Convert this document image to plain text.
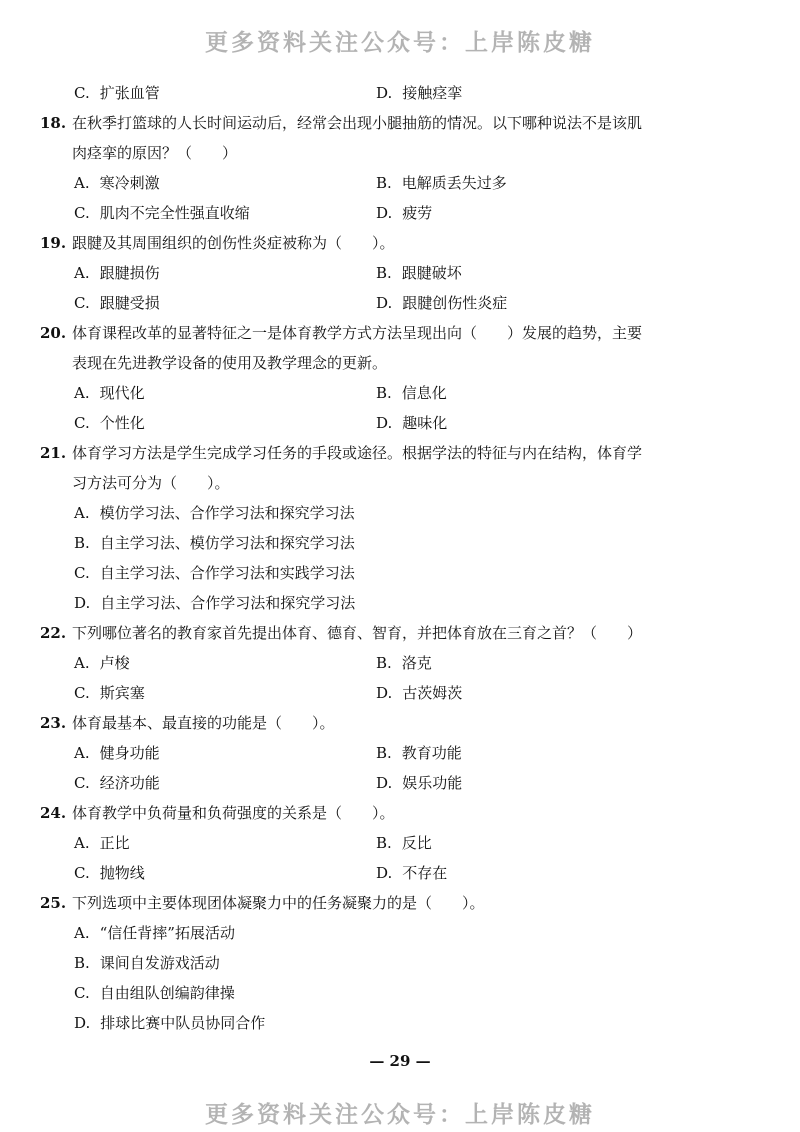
更多资料关注公众号：上岸陈皮糖
C. 扩张血管	D. 接触痉挛
18. 在秋季打篮球的人长时间运动后，经常会出现小腿抽筋的情况。以下哪种说法不是该肌
肉痉挛的原因？（　　）
A. 寒冷刺激	B. 电解质丢失过多
C. 肌肉不完全性强直收缩	D. 疲劳
19. 跟腱及其周围组织的创伤性炎症被称为（　　）。
A. 跟腱损伤	B. 跟腱破坏
C. 跟腱受损	D. 跟腱创伤性炎症
20. 体育课程改革的显著特征之一是体育教学方式方法呈现出向（　　）发展的趋势，主要
表现在先进教学设备的使用及教学理念的更新。
A. 现代化	B. 信息化
C. 个性化	D. 趣味化
21. 体育学习方法是学生完成学习任务的手段或途径。根据学法的特征与内在结构，体育学
习方法可分为（　　）。
A. 模仿学习法、合作学习法和探究学习法
B. 自主学习法、模仿学习法和探究学习法
C. 自主学习法、合作学习法和实践学习法
D. 自主学习法、合作学习法和探究学习法
22. 下列哪位著名的教育家首先提出体育、德育、智育，并把体育放在三育之首？（　　）
A. 卢梭	B. 洛克
C. 斯宾塞	D. 古茨姆茨
23. 体育最基本、最直接的功能是（　　）。
A. 健身功能	B. 教育功能
C. 经济功能	D. 娱乐功能
24. 体育教学中负荷量和负荷强度的关系是（　　）。
A. 正比	B. 反比
C. 抛物线	D. 不存在
25. 下列选项中主要体现团体凝聚力中的任务凝聚力的是（　　）。
A. “信任背摔”拓展活动
B. 课间自发游戏活动
C. 自由组队创编韵律操
D. 排球比赛中队员协同合作
— 29 —
更多资料关注公众号：上岸陈皮糖
